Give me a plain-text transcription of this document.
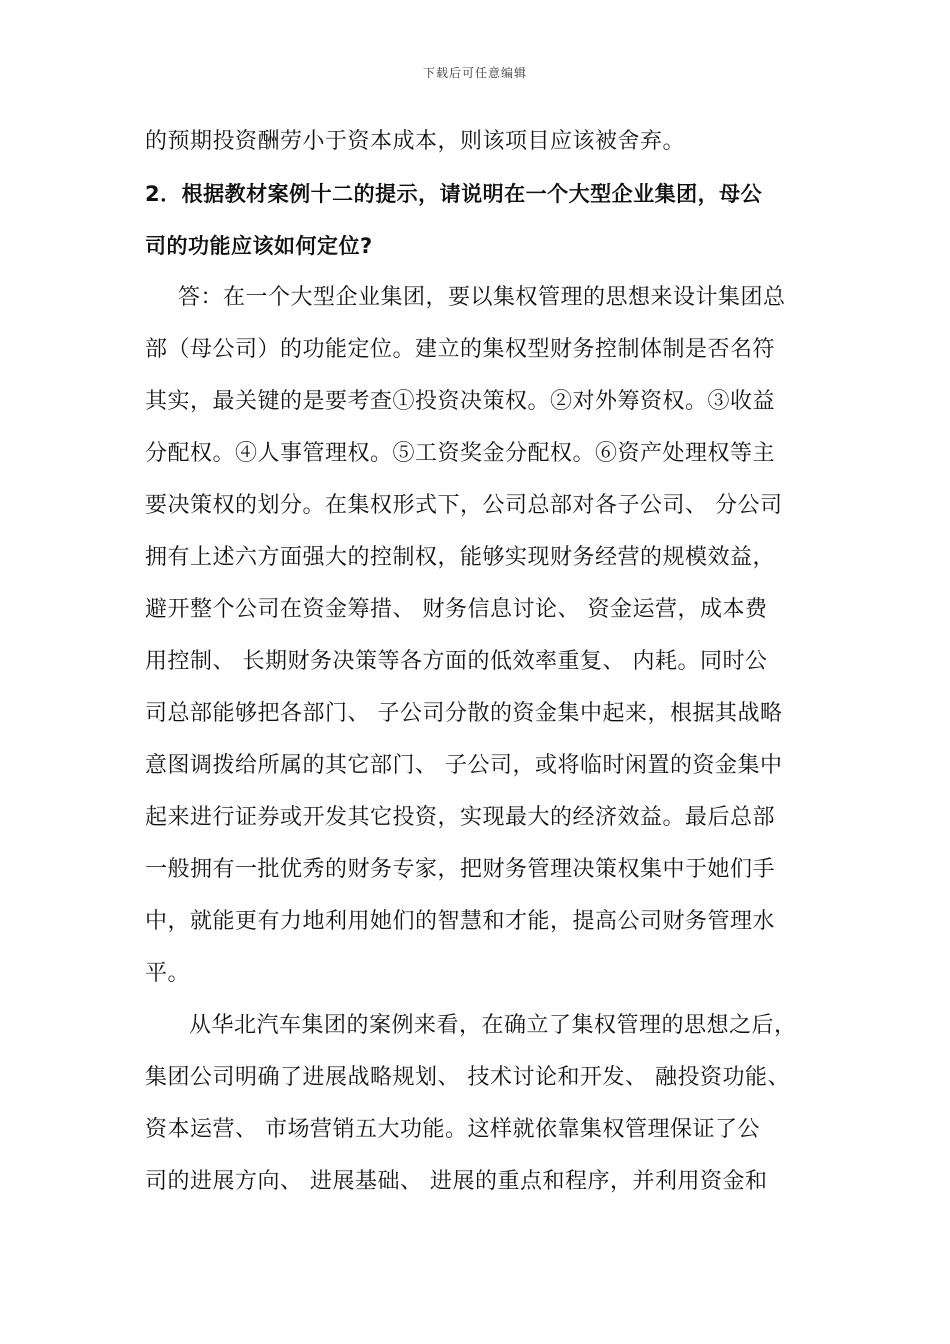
下载后可任意编辑
的预期投资酬劳小于资本成本，则该项目应该被舍弃。
2．根据教材案例十二的提示，请说明在一个大型企业集团，母公
司的功能应该如何定位?
答：在一个大型企业集团，要以集权管理的思想来设计集团总
部（母公司）的功能定位。建立的集权型财务控制体制是否名符
其实，最关键的是要考查①投资决策权。②对外筹资权。③收益
分配权。④人事管理权。⑤工资奖金分配权。⑥资产处理权等主
要决策权的划分。在集权形式下，公司总部对各子公司、 分公司
拥有上述六方面强大的控制权，能够实现财务经营的规模效益，
避开整个公司在资金筹措、 财务信息讨论、 资金运营，成本费
用控制、 长期财务决策等各方面的低效率重复、 内耗。同时公
司总部能够把各部门、 子公司分散的资金集中起来，根据其战略
意图调拨给所属的其它部门、 子公司，或将临时闲置的资金集中
起来进行证券或开发其它投资，实现最大的经济效益。最后总部
一般拥有一批优秀的财务专家，把财务管理决策权集中于她们手
中，就能更有力地利用她们的智慧和才能，提高公司财务管理水
平。
从华北汽车集团的案例来看，在确立了集权管理的思想之后，
集团公司明确了进展战略规划、 技术讨论和开发、 融投资功能、
资本运营、 市场营销五大功能。这样就依靠集权管理保证了公
司的进展方向、 进展基础、 进展的重点和程序，并利用资金和
